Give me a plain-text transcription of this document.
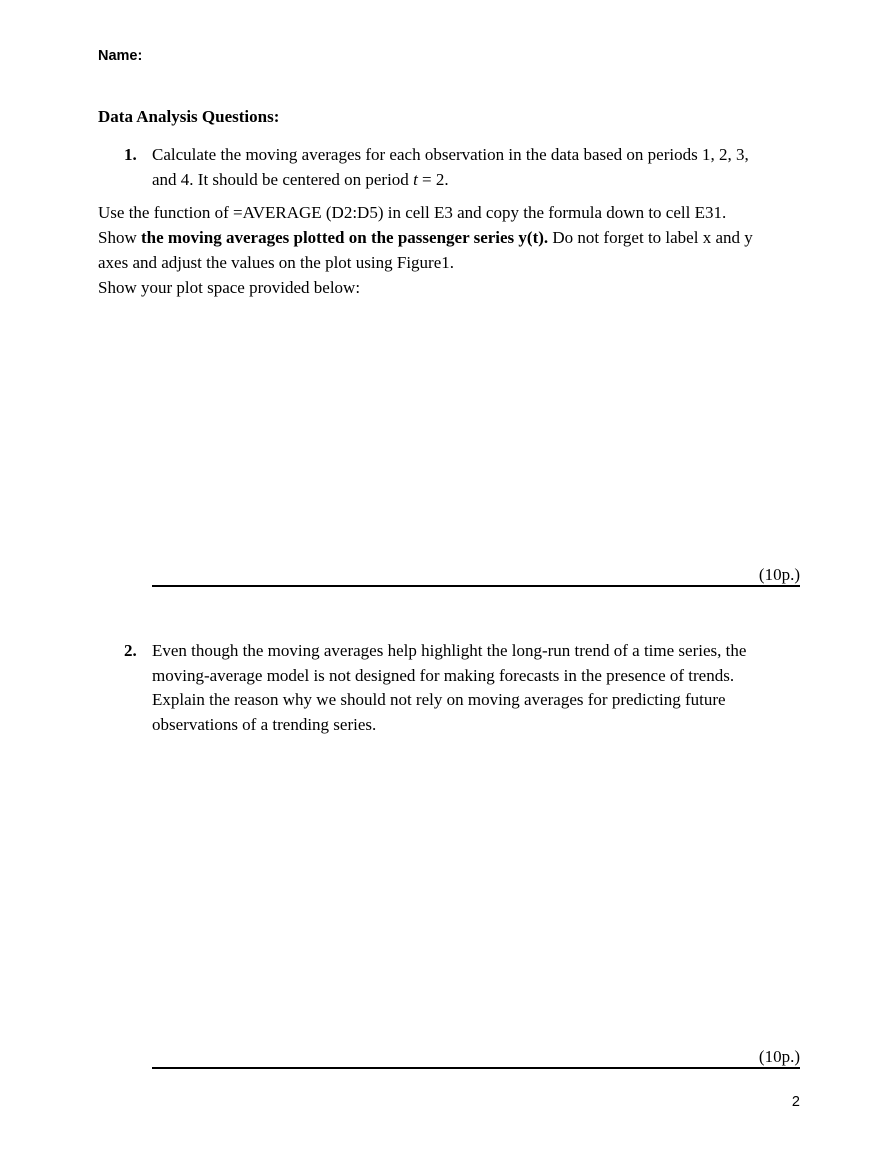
Name:
Data Analysis Questions:
1. Calculate the moving averages for each observation in the data based on periods 1, 2, 3,
and 4. It should be centered on period t = 2.
Use the function of =AVERAGE (D2:D5) in cell E3 and copy the formula down to cell E31.
Show the moving averages plotted on the passenger series y(t). Do not forget to label x and y
axes and adjust the values on the plot using Figure1.
Show your plot space provided below:
(10p.)
2. Even though the moving averages help highlight the long-run trend of a time series, the
moving-average model is not designed for making forecasts in the presence of trends.
Explain the reason why we should not rely on moving averages for predicting future
observations of a trending series.
(10p.)
2
